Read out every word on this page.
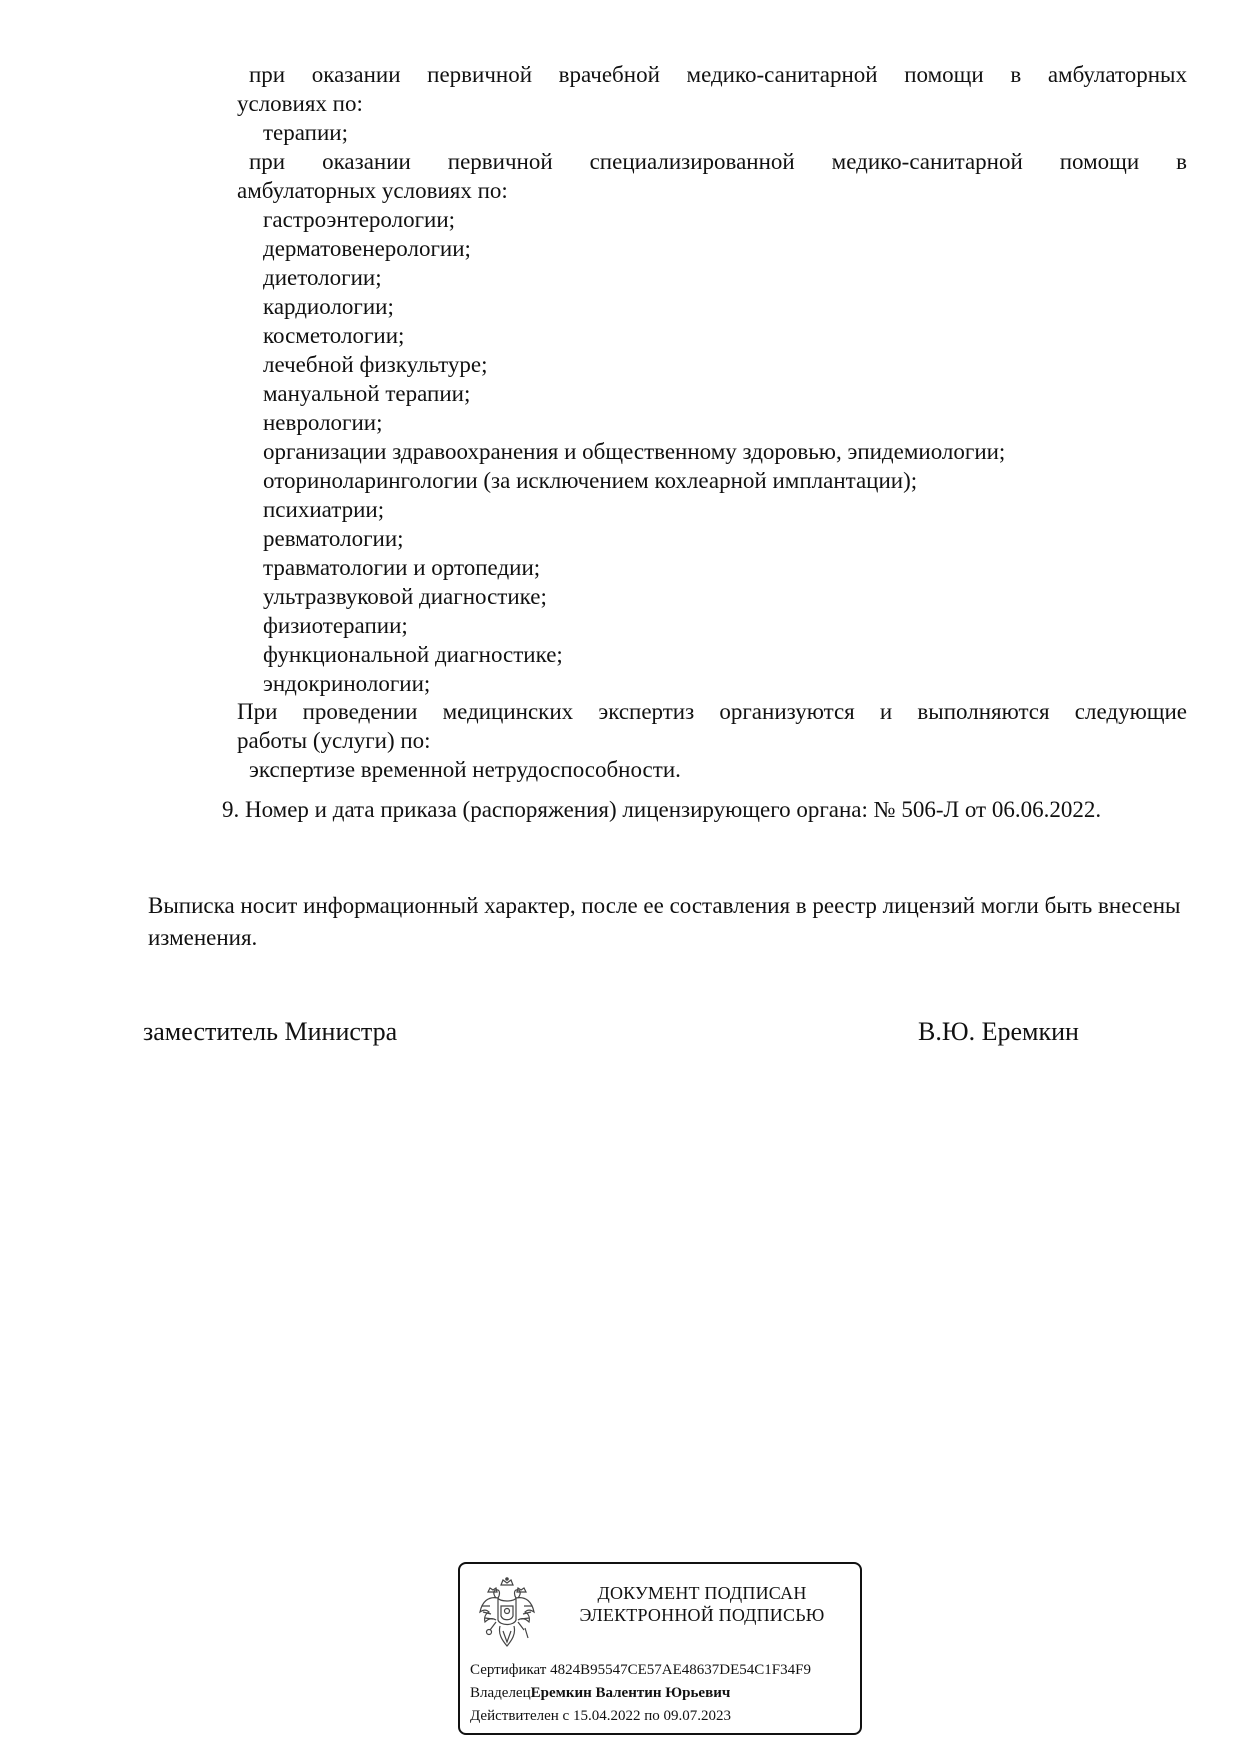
при оказании первичной врачебной медико-санитарной помощи в амбулаторных
условиях по:
терапии;
при оказании первичной специализированной медико-санитарной помощи в
амбулаторных условиях по:
гастроэнтерологии;
дерматовенерологии;
диетологии;
кардиологии;
косметологии;
лечебной физкультуре;
мануальной терапии;
неврологии;
организации здравоохранения и общественному здоровью, эпидемиологии;
оториноларингологии (за исключением кохлеарной имплантации);
психиатрии;
ревматологии;
травматологии и ортопедии;
ультразвуковой диагностике;
физиотерапии;
функциональной диагностике;
эндокринологии;
При проведении медицинских экспертиз организуются и выполняются следующие
работы (услуги) по:
экспертизе временной нетрудоспособности.
9. Номер и дата приказа (распоряжения) лицензирующего органа: № 506-Л от 06.06.2022.
Выписка носит информационный характер, после ее составления в реестр лицензий могли быть внесены изменения.
заместитель Министра	В.Ю. Еремкин
ДОКУМЕНТ ПОДПИСАН
ЭЛЕКТРОННОЙ ПОДПИСЬЮ
Сертификат 4824B95547CE57AE48637DE54C1F34F9
ВладелецЕремкин Валентин Юрьевич
Действителен с 15.04.2022 по 09.07.2023
